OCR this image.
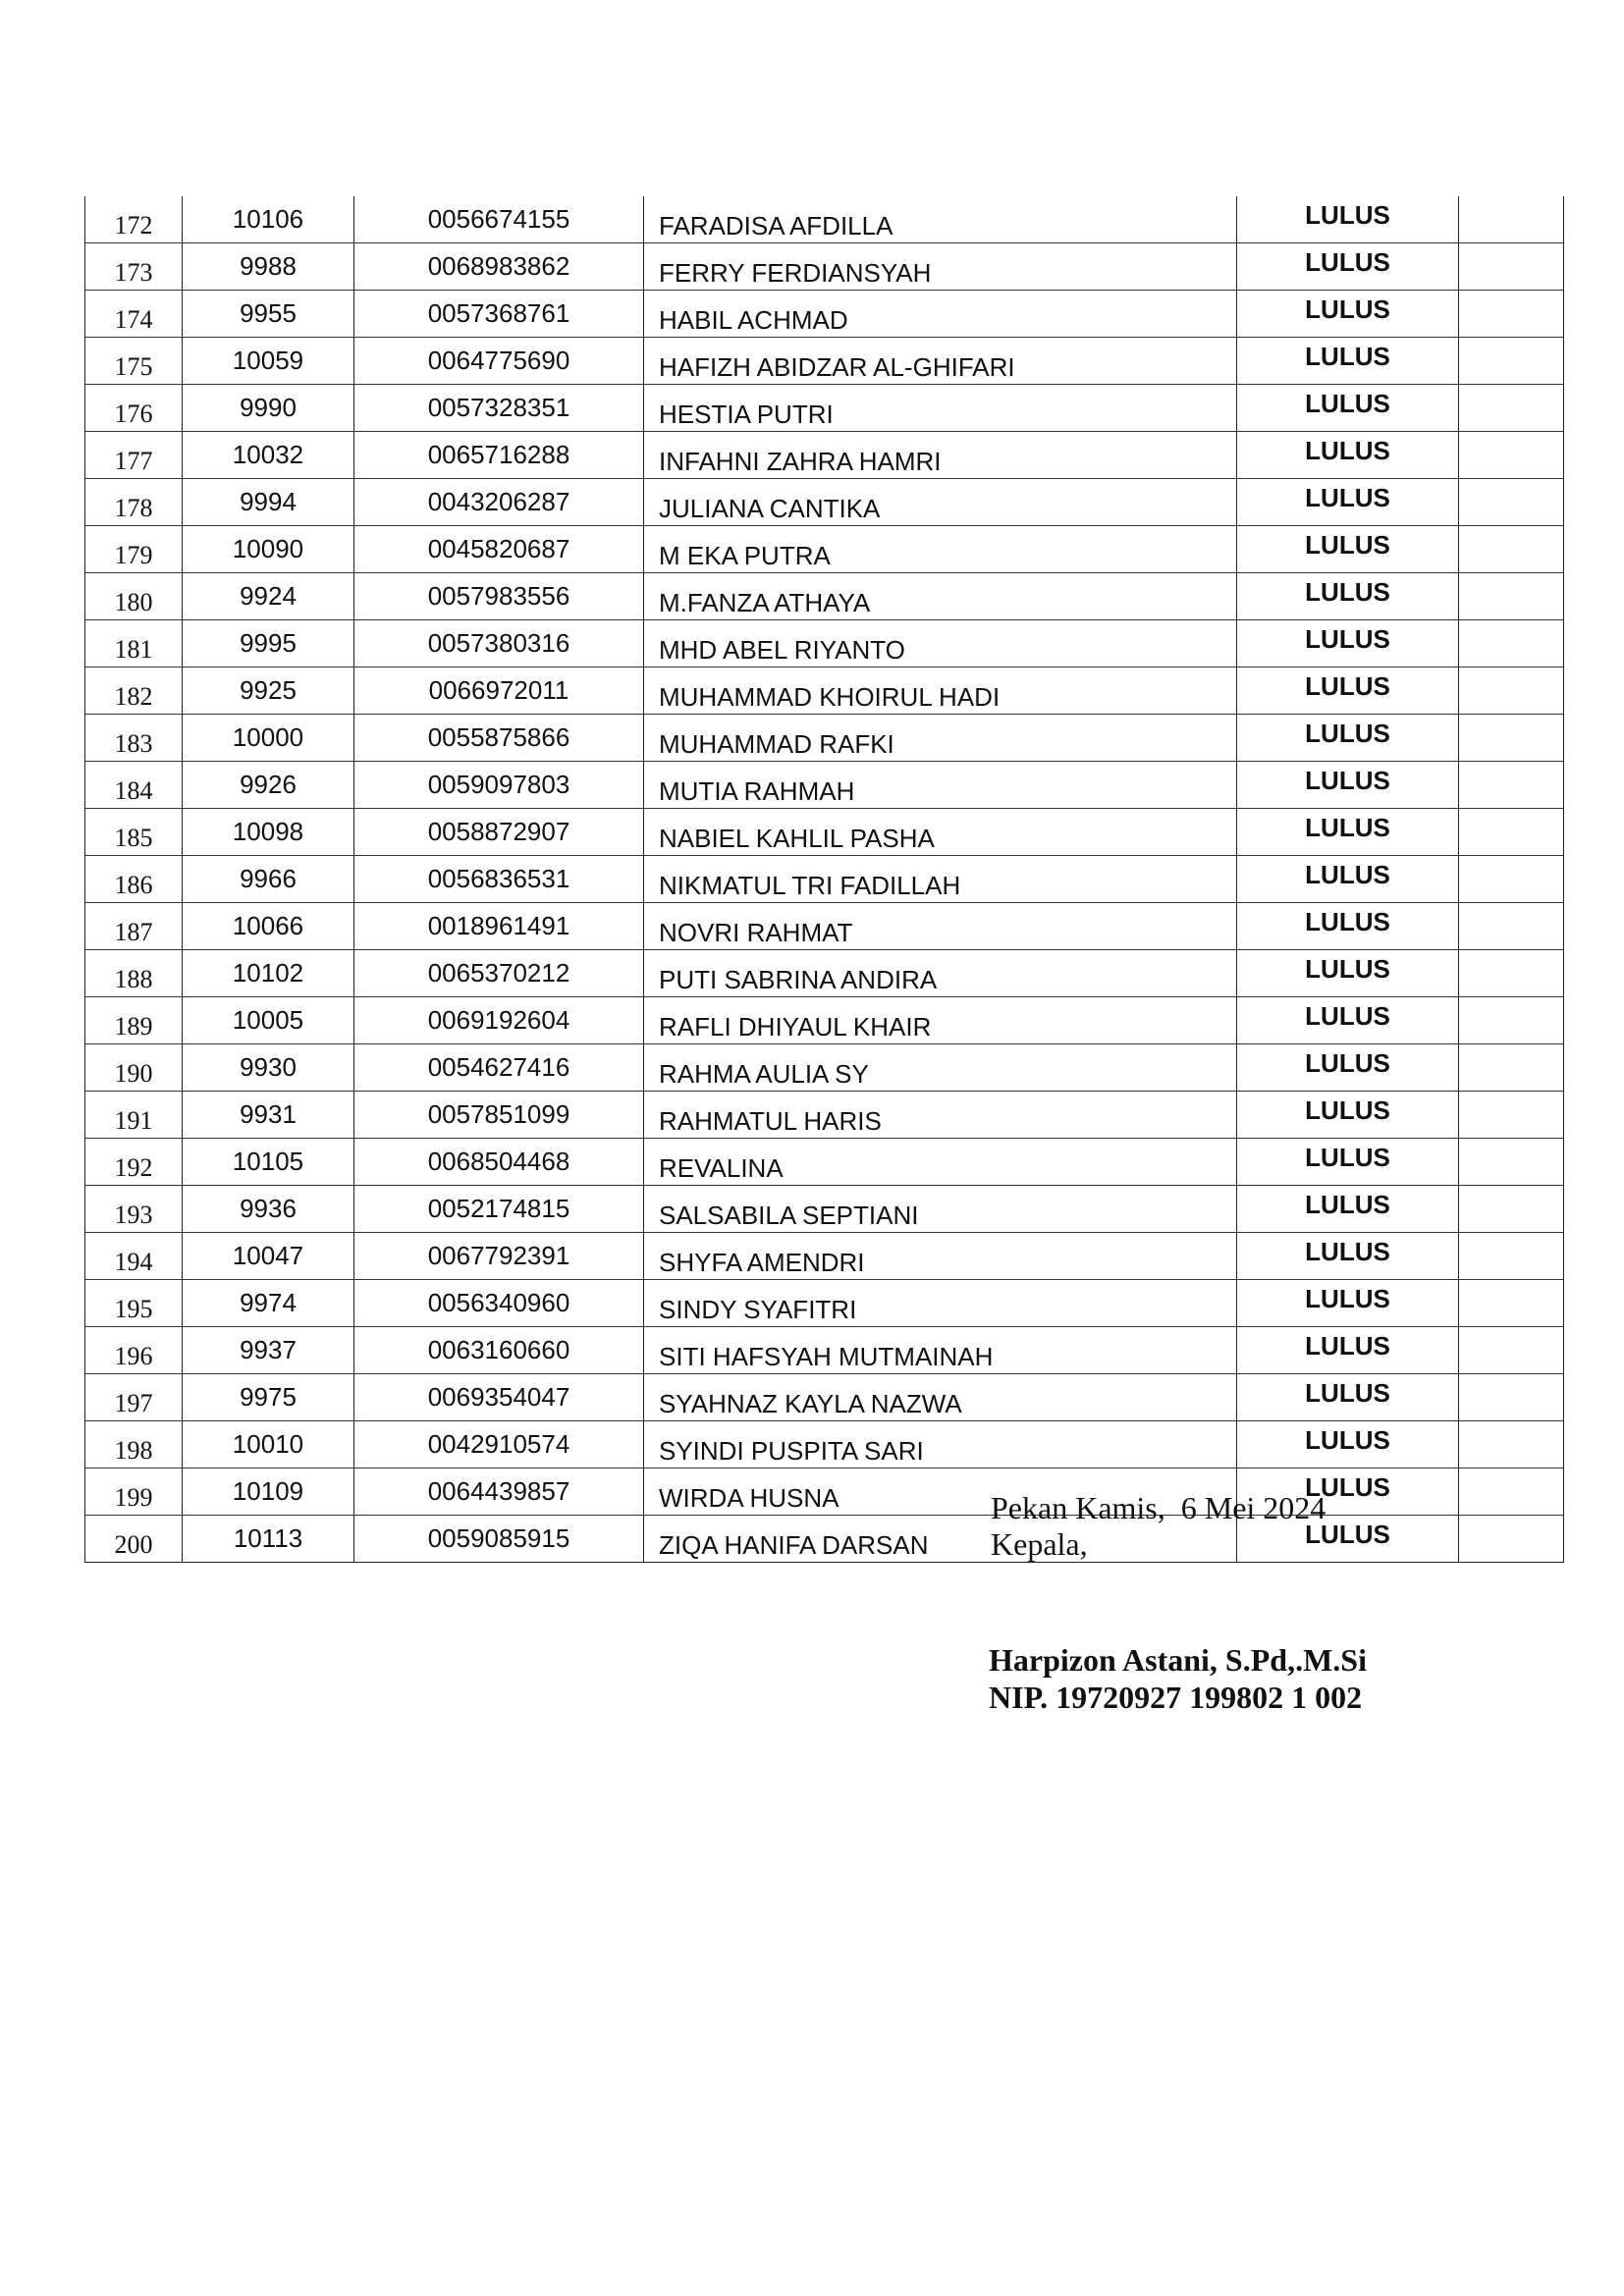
172	10106	0056674155	FARADISA AFDILLA	LULUS	
173	9988	0068983862	FERRY FERDIANSYAH	LULUS	
174	9955	0057368761	HABIL ACHMAD	LULUS	
175	10059	0064775690	HAFIZH ABIDZAR AL-GHIFARI	LULUS	
176	9990	0057328351	HESTIA PUTRI	LULUS	
177	10032	0065716288	INFAHNI ZAHRA HAMRI	LULUS	
178	9994	0043206287	JULIANA CANTIKA	LULUS	
179	10090	0045820687	M EKA PUTRA	LULUS	
180	9924	0057983556	M.FANZA ATHAYA	LULUS	
181	9995	0057380316	MHD ABEL RIYANTO	LULUS	
182	9925	0066972011	MUHAMMAD KHOIRUL HADI	LULUS	
183	10000	0055875866	MUHAMMAD RAFKI	LULUS	
184	9926	0059097803	MUTIA RAHMAH	LULUS	
185	10098	0058872907	NABIEL KAHLIL PASHA	LULUS	
186	9966	0056836531	NIKMATUL TRI FADILLAH	LULUS	
187	10066	0018961491	NOVRI RAHMAT	LULUS	
188	10102	0065370212	PUTI SABRINA ANDIRA	LULUS	
189	10005	0069192604	RAFLI DHIYAUL KHAIR	LULUS	
190	9930	0054627416	RAHMA AULIA SY	LULUS	
191	9931	0057851099	RAHMATUL HARIS	LULUS	
192	10105	0068504468	REVALINA	LULUS	
193	9936	0052174815	SALSABILA SEPTIANI	LULUS	
194	10047	0067792391	SHYFA AMENDRI	LULUS	
195	9974	0056340960	SINDY SYAFITRI	LULUS	
196	9937	0063160660	SITI HAFSYAH MUTMAINAH	LULUS	
197	9975	0069354047	SYAHNAZ KAYLA NAZWA	LULUS	
198	10010	0042910574	SYINDI PUSPITA SARI	LULUS	
199	10109	0064439857	WIRDA HUSNA	LULUS	
200	10113	0059085915	ZIQA HANIFA DARSAN	LULUS	
Pekan Kamis,  6 Mei 2024
Kepala,
Harpizon Astani, S.Pd,.M.Si
NIP. 19720927 199802 1 002
